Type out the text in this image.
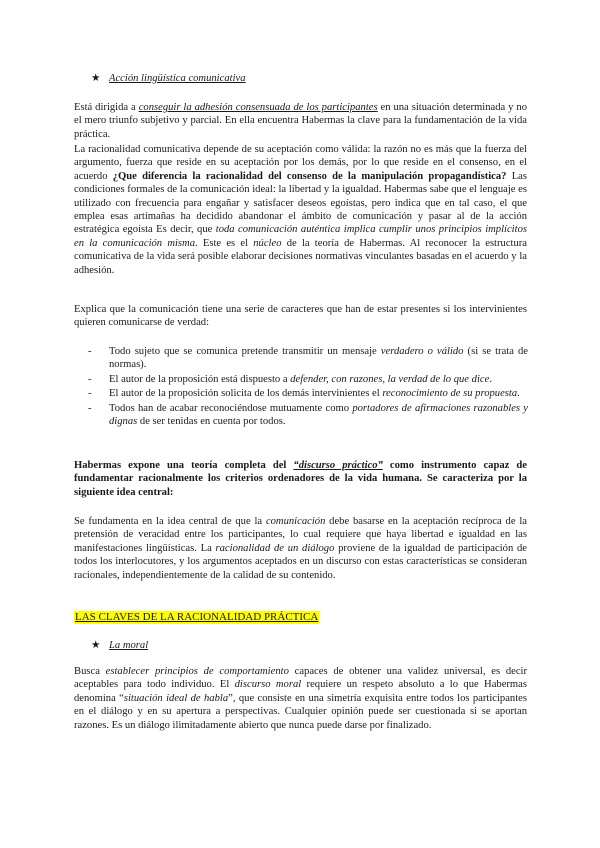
★ Acción lingüística comunicativa

Está dirigida a conseguir la adhesión consensuada de los participantes en una situación determinada y no el mero triunfo subjetivo y parcial. En ella encuentra Habermas la clave para la fundamentación de la vida práctica.

La racionalidad comunicativa depende de su aceptación como válida: la razón no es más que la fuerza del argumento, fuerza que reside en su aceptación por los demás, por lo que reside en el consenso, en el acuerdo ¿Que diferencia la racionalidad del consenso de la manipulación propagandística? Las condiciones formales de la comunicación ideal: la libertad y la igualdad. Habermas sabe que el lenguaje es utilizado con frecuencia para engañar y satisfacer deseos egoístas, pero indica que en tal caso, el que emplea esas artimañas ha decidido abandonar el ámbito de comunicación y pasar al de la acción estratégica egoísta Es decir, que toda comunicación auténtica implica cumplir unos principios implícitos en la comunicación misma. Este es el núcleo de la teoría de Habermas. Al reconocer la estructura comunicativa de la vida será posible elaborar decisiones normativas vinculantes basadas en el acuerdo y la adhesión.

Explica que la comunicación tiene una serie de caracteres que han de estar presentes si los intervinientes quieren comunicarse de verdad:

- Todo sujeto que se comunica pretende transmitir un mensaje verdadero o válido (si se trata de normas).
- El autor de la proposición está dispuesto a defender, con razones, la verdad de lo que dice.
- El autor de la proposición solicita de los demás intervinientes el reconocimiento de su propuesta.
- Todos han de acabar reconociéndose mutuamente como portadores de afirmaciones razonables y dignas de ser tenidas en cuenta por todos.

Habermas expone una teoría completa del “discurso práctico” como instrumento capaz de fundamentar racionalmente los criterios ordenadores de la vida humana. Se caracteriza por la siguiente idea central:

Se fundamenta en la idea central de que la comunicación debe basarse en la aceptación recíproca de la pretensión de veracidad entre los participantes, lo cual requiere que haya libertad e igualdad en las manifestaciones lingüísticas. La racionalidad de un diálogo proviene de la igualdad de participación de todos los interlocutores, y los argumentos aceptados en un discurso con estas características se consideran racionales, independientemente de la calidad de su contenido.

LAS CLAVES DE LA RACIONALIDAD PRÁCTICA
★ La moral

Busca establecer principios de comportamiento capaces de obtener una validez universal, es decir aceptables para todo individuo. El discurso moral requiere un respeto absoluto a lo que Habermas denomina “situación ideal de habla”, que consiste en una simetría exquisita entre todos los participantes en el diálogo y en su apertura a perspectivas. Cualquier opinión puede ser cuestionada si se aportan razones. Es un diálogo ilimitadamente abierto que nunca puede darse por finalizado.
